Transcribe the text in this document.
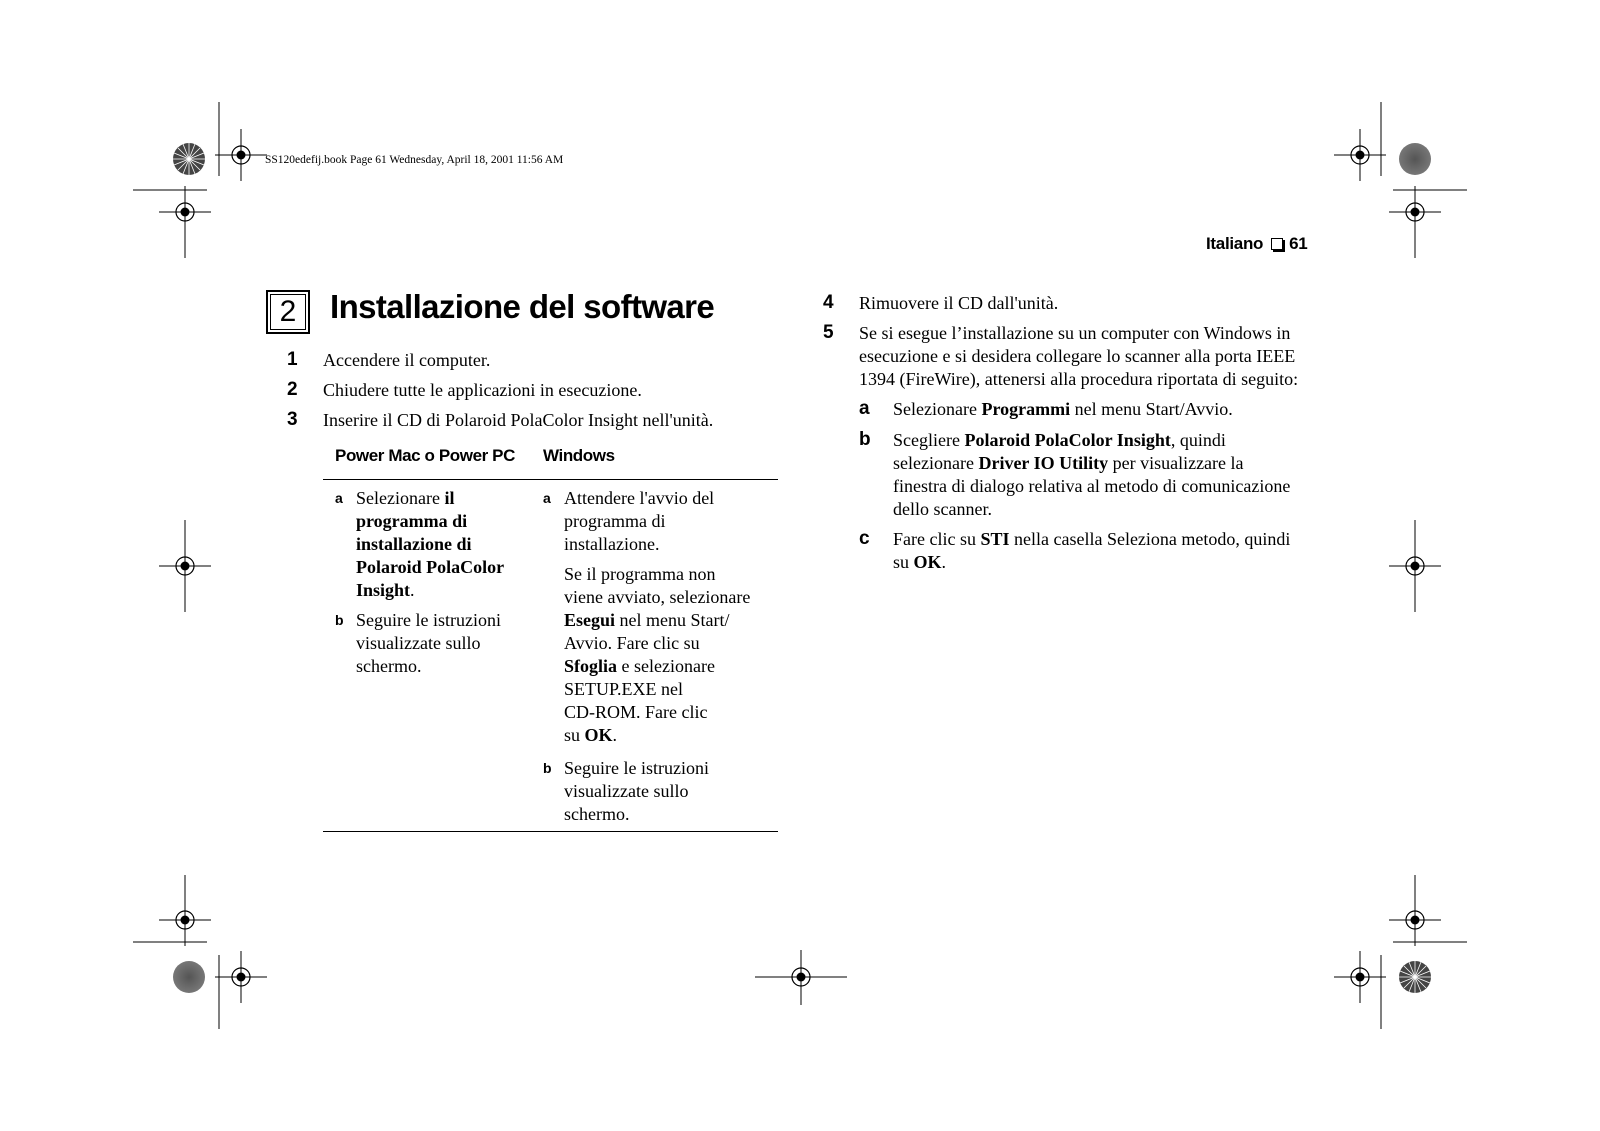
SS120edefij.book Page 61 Wednesday, April 18, 2001 11:56 AM
Italiano 61
2	Installazione del software
1 Accendere il computer.
2 Chiudere tutte le applicazioni in esecuzione.
3 Inserire il CD di Polaroid PolaColor Insight nell'unità.
Power Mac o Power PC Windows
a Selezionare il
programma di
installazione di
Polaroid PolaColor
Insight.
b Seguire le istruzioni
visualizzate sullo
schermo.
a Attendere l'avvio del
programma di
installazione.
Se il programma non
viene avviato, selezionare
Esegui nel menu Start/
Avvio. Fare clic su
Sfoglia e selezionare
SETUP.EXE nel
CD-ROM. Fare clic
su OK.
b Seguire le istruzioni
visualizzate sullo
schermo.
4 Rimuovere il CD dall'unità.
5 Se si esegue l’installazione su un computer con Windows in
esecuzione e si desidera collegare lo scanner alla porta IEEE
1394 (FireWire), attenersi alla procedura riportata di seguito:
a Selezionare Programmi nel menu Start/Avvio.
b Scegliere Polaroid PolaColor Insight, quindi
selezionare Driver IO Utility per visualizzare la
finestra di dialogo relativa al metodo di comunicazione
dello scanner.
c Fare clic su STI nella casella Seleziona metodo, quindi
su OK.
